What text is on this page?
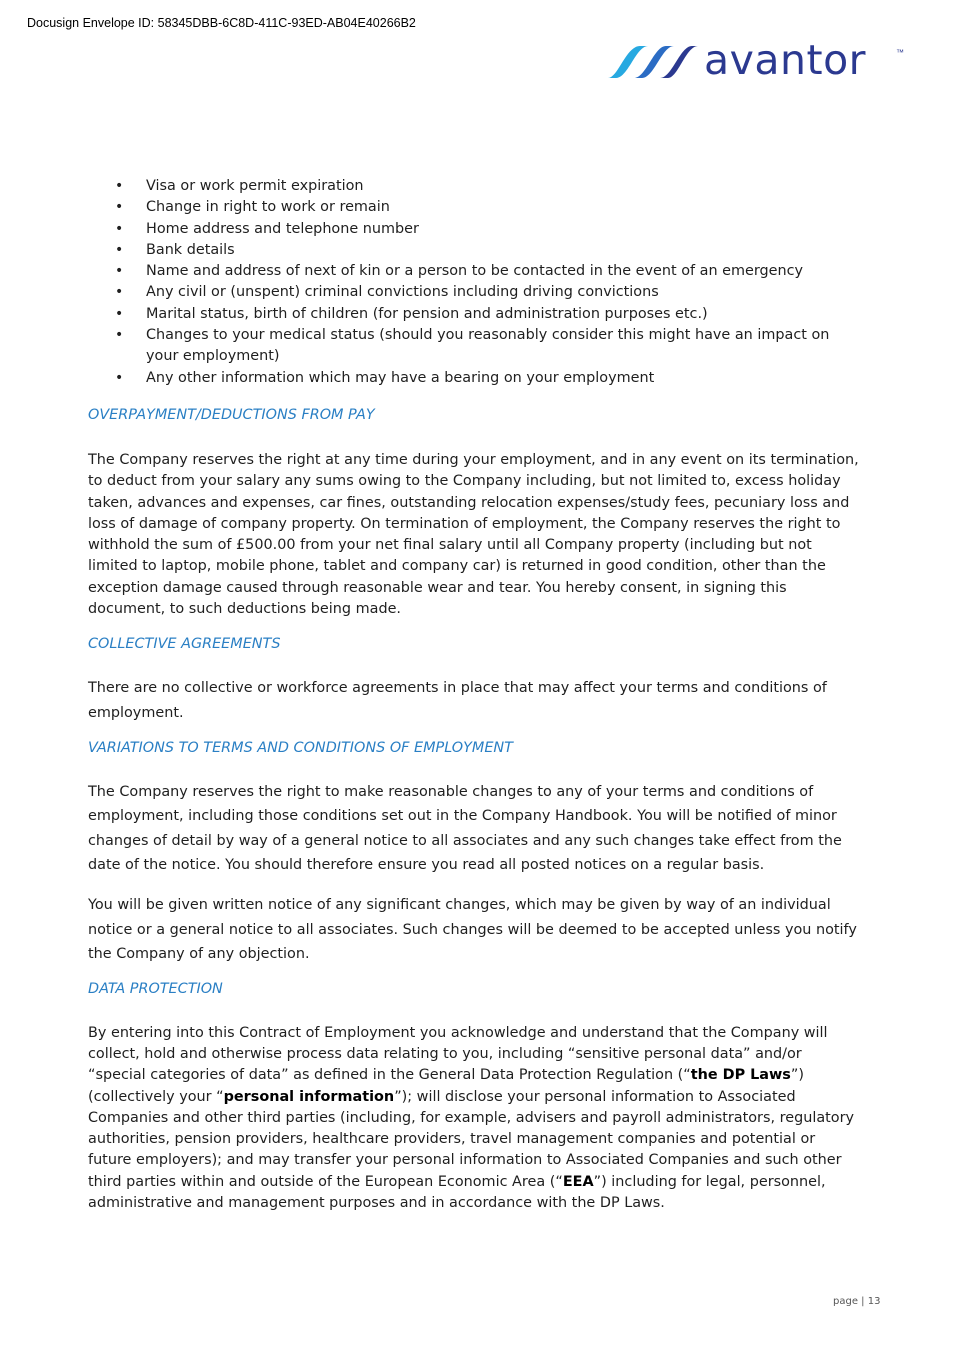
Docusign Envelope ID: 58345DBB-6C8D-411C-93ED-AB04E40266B2
avantor	™
• Visa or work permit expiration
• Change in right to work or remain
• Home address and telephone number
• Bank details
• Name and address of next of kin or a person to be contacted in the event of an emergency
• Any civil or (unspent) criminal convictions including driving convictions
• Marital status, birth of children (for pension and administration purposes etc.)
• Changes to your medical status (should you reasonably consider this might have an impact on your employment)
• Any other information which may have a bearing on your employment
OVERPAYMENT/DEDUCTIONS FROM PAY

The Company reserves the right at any time during your employment, and in any event on its termination, to deduct from your salary any sums owing to the Company including, but not limited to, excess holiday taken, advances and expenses, car fines, outstanding relocation expenses/study fees, pecuniary loss and loss of damage of company property. On termination of employment, the Company reserves the right to withhold the sum of £500.00 from your net final salary until all Company property (including but not limited to laptop, mobile phone, tablet and company car) is returned in good condition, other than the exception damage caused through reasonable wear and tear. You hereby consent, in signing this document, to such deductions being made.

COLLECTIVE AGREEMENTS

There are no collective or workforce agreements in place that may affect your terms and conditions of employment.

VARIATIONS TO TERMS AND CONDITIONS OF EMPLOYMENT

The Company reserves the right to make reasonable changes to any of your terms and conditions of employment, including those conditions set out in the Company Handbook. You will be notified of minor changes of detail by way of a general notice to all associates and any such changes take effect from the date of the notice. You should therefore ensure you read all posted notices on a regular basis.

You will be given written notice of any significant changes, which may be given by way of an individual notice or a general notice to all associates. Such changes will be deemed to be accepted unless you notify the Company of any objection.

DATA PROTECTION

By entering into this Contract of Employment you acknowledge and understand that the Company will collect, hold and otherwise process data relating to you, including “sensitive personal data” and/or “special categories of data” as defined in the General Data Protection Regulation (“the DP Laws”) (collectively your “personal information”); will disclose your personal information to Associated Companies and other third parties (including, for example, advisers and payroll administrators, regulatory authorities, pension providers, healthcare providers, travel management companies and potential or future employers); and may transfer your personal information to Associated Companies and such other third parties within and outside of the European Economic Area (“EEA”) including for legal, personnel, administrative and management purposes and in accordance with the DP Laws.

page | 13
